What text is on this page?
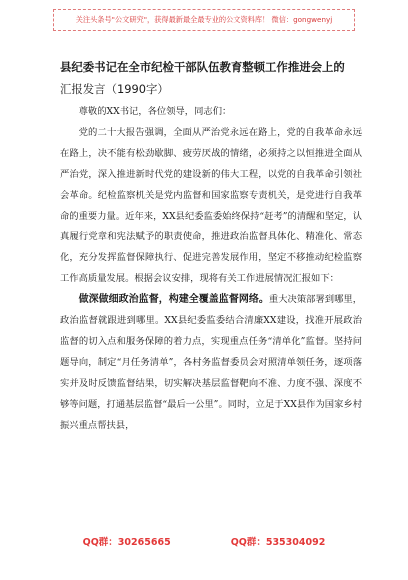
关注头条号"公文研究"，获得最新最全最专业的公文资料库！ 微信：gongwenyj

县纪委书记在全市纪检干部队伍教育整顿工作推进会上的
汇报发言（1990字）

尊敬的XX书记，各位领导，同志们：

党的二十大报告强调，全面从严治党永远在路上，党的自我革命永远在路上，决不能有松劲歇脚、疲劳厌战的情绪，必须持之以恒推进全面从严治党，深入推进新时代党的建设新的伟大工程，以党的自我革命引领社会革命。纪检监察机关是党内监督和国家监察专责机关，是党进行自我革命的重要力量。近年来，XX县纪委监委始终保持“赶考”的清醒和坚定，认真履行党章和宪法赋予的职责使命，推进政治监督具体化、精准化、常态化，充分发挥监督保障执行、促进完善发展作用，坚定不移推动纪检监察工作高质量发展。根据会议安排，现将有关工作进展情况汇报如下：

做深做细政治监督，构建全覆盖监督网络。重大决策部署到哪里，政治监督就跟进到哪里。XX县纪委监委结合清廉XX建设，找准开展政治监督的切入点和服务保障的着力点，实现重点任务“清单化”监督。坚持问题导向，制定“月任务清单”，各村务监督委员会对照清单领任务，逐项落实并及时反馈监督结果，切实解决基层监督靶向不准、力度不强、深度不够等问题，打通基层监督“最后一公里”。同时，立足于XX县作为国家乡村振兴重点帮扶县，

QQ群：30265665	QQ群：535304092
